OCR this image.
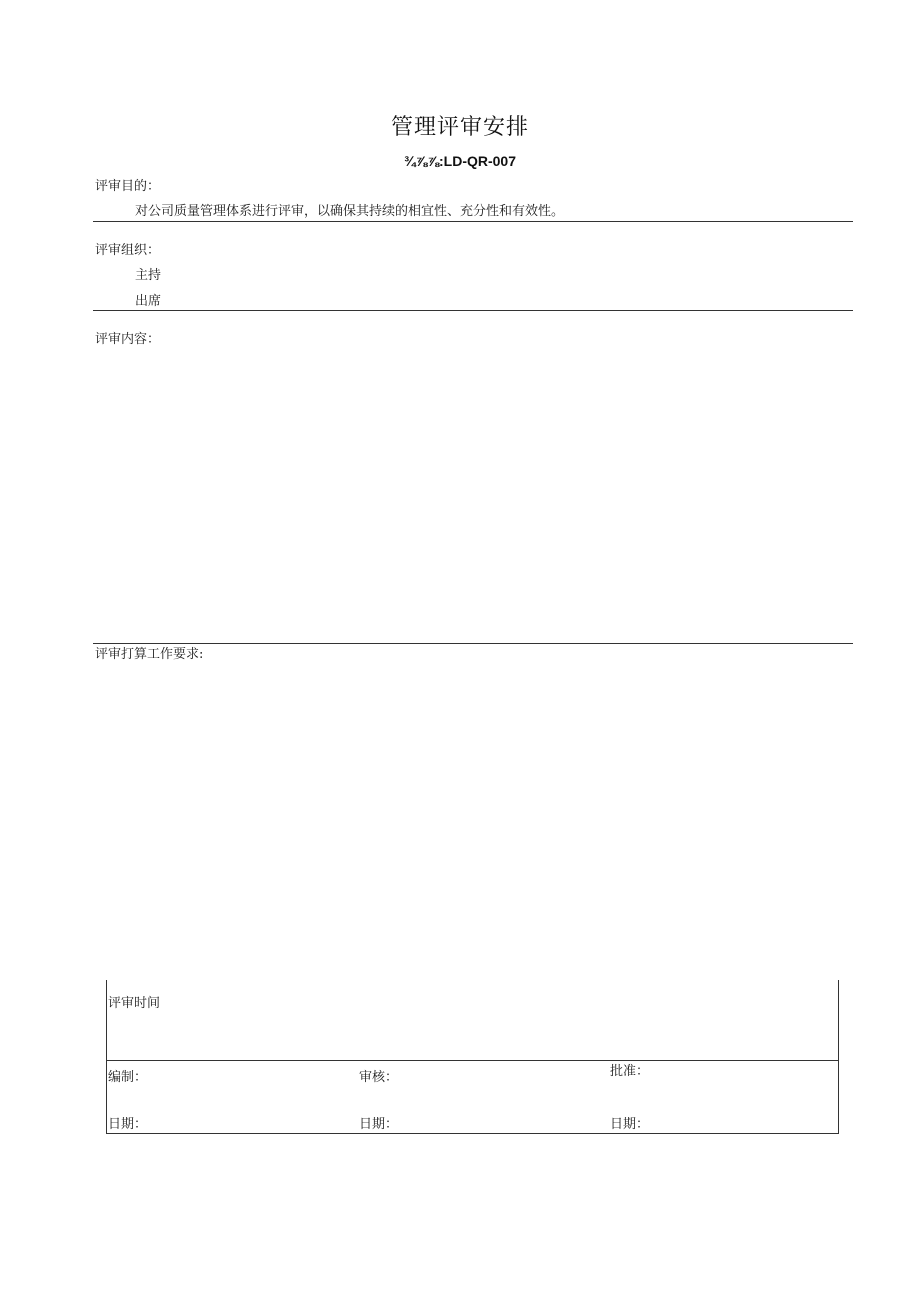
管理评审安排
¾⅞⅞:LD-QR-007
评审目的：
对公司质量管理体系进行评审，以确保其持续的相宜性、充分性和有效性。
评审组织：
主持
出席
评审内容：
评审打算工作要求:
评审时间
编制：	审核：	批准：
日期：	日期：	日期：
